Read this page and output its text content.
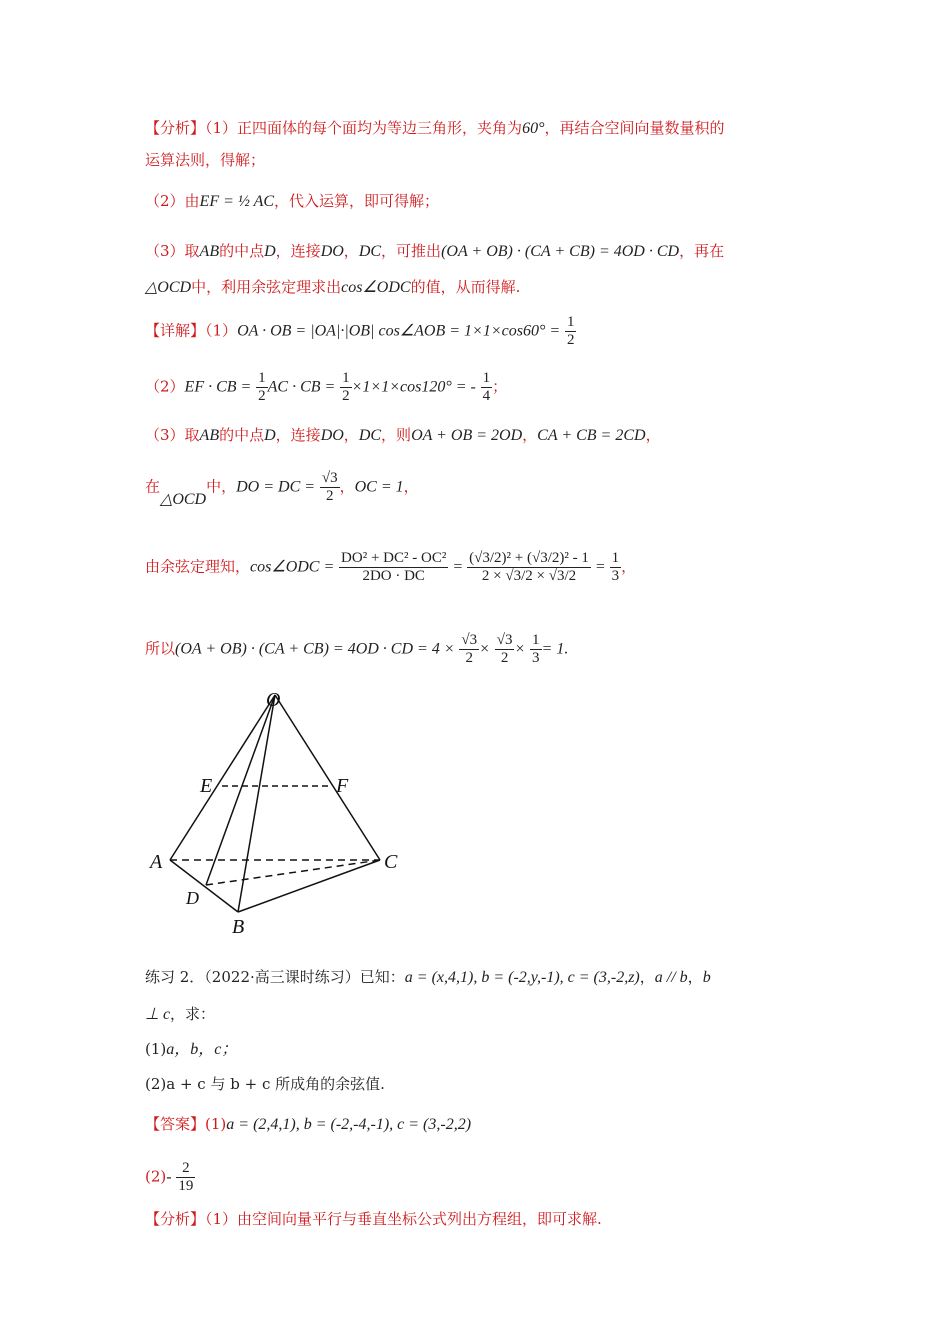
【分析】（1）正四面体的每个面均为等边三角形，夹角为60°，再结合空间向量数量积的
运算法则，得解；
（2）由EF = ½ AC，代入运算，即可得解；
（3）取AB的中点D，连接DO，DC，可推出(OA + OB) · (CA + CB) = 4OD · CD，再在
△OCD中，利用余弦定理求出cos∠ODC的值，从而得解.
【详解】（1）OA · OB = |OA|·|OB| cos∠AOB = $1\times 1\times\cos 60^\circ = \frac{1}{2}$
（2）EF · CB = $\frac{1}{2}$ AC · CB = $\frac{1}{2} \times 1\times 1\times\cos 120^\circ$ = - $\frac{1}{4}$ ；
（3）取AB的中点D，连接DO，DC，则OA + OB = 2OD，CA + CB = 2CD，
在△OCD中，DO = DC = $\frac{√3}{2}$ ，OC = 1，
由余弦定理知，cos∠ODC = $\frac{\text{DO² + DC² - OC²}}{2DO \cdot DC} = \frac{\text{(√3/2)² + (√3/2)² - 1}}{2 \times √3/2 \times √3/2} = \frac{1}{3}$ ，
所以(OA + OB) · (CA + CB) = 4OD · CD = $4 \times \frac{√3}{2} \times \frac{√3}{2} \times \frac{1}{3} = 1$.
O
E	F
A	C
D
B
练习 2．（2022·高三课时练习）已知：a = (x,4,1), b = (-2,y,-1), c = (3,-2,z)，a // b，b
⊥ c，求：
(1)a，b，c；
(2)a + c 与 b + c 所成角的余弦值.
【答案】(1)a = (2,4,1), b = (-2,-4,-1), c = (3,-2,2)
$(2)- \frac{2}{19}$
【分析】（1）由空间向量平行与垂直坐标公式列出方程组，即可求解.
